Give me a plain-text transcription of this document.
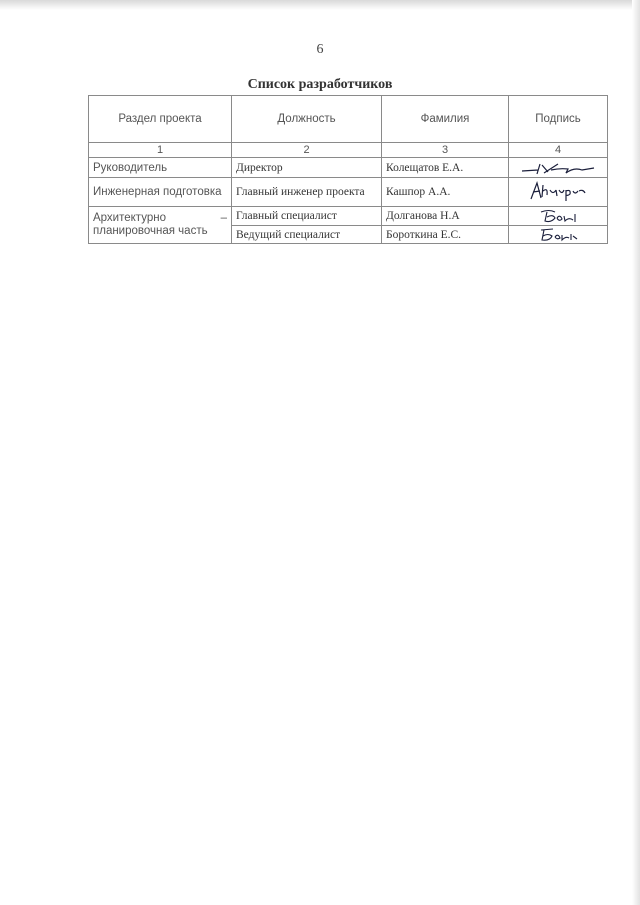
6
Список разработчиков
Раздел проекта	Должность	Фамилия	Подпись
1	2	3	4
Руководитель	Директор	Колещатов Е.А.	

Инженерная подготовка	Главный инженер проекта	Кашпор А.А.	

Архитектурно – планировочная часть	Главный специалист	Долганова Н.А	

	Ведущий специалист	Бороткина Е.С.	
